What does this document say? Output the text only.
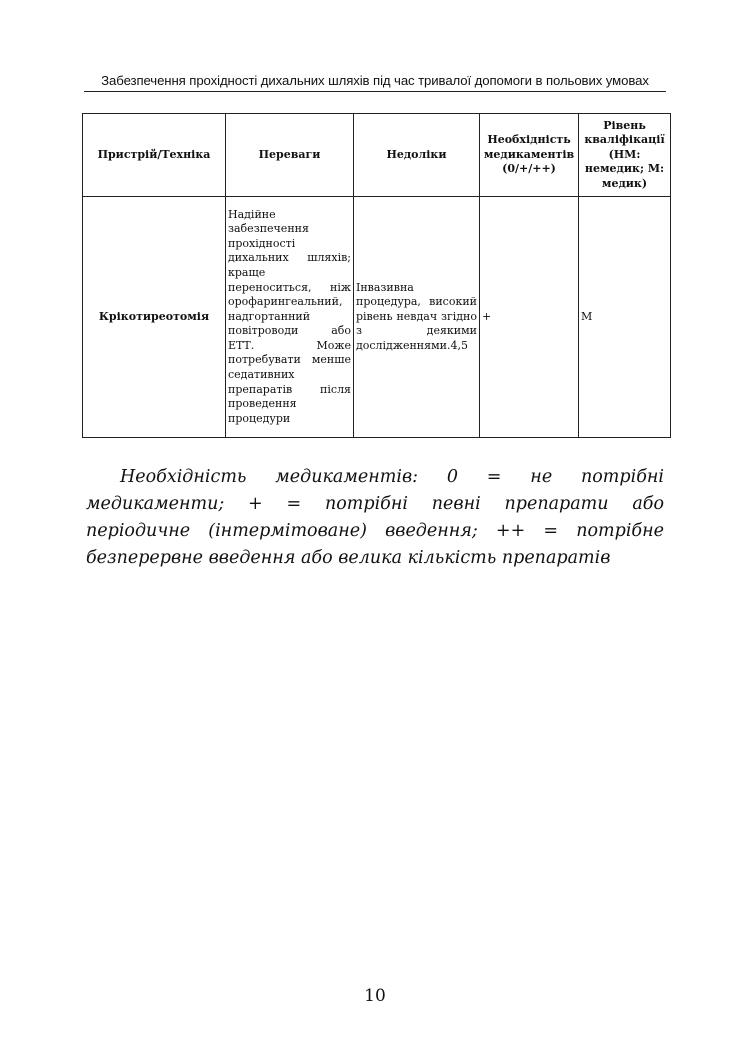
Забезпечення прохідності дихальних шляхів під час тривалої допомоги в польових умовах
Пристрій/Техніка	Переваги	Недоліки	Необхідність медикаментів (0/+/++)	Рівень кваліфікації (НМ: немедик; М: медик)
Крікотиреотомія	Надійне забезпечення прохідності дихальних шляхів; краще переноситься, ніж орофарингеальний, надгортанний повітроводи або ЕТТ. Може потребувати менше седативних препаратів після проведення процедури	Інвазивна процедура, високий рівень невдач згідно з деякими дослідженнями.4,5	+	М

Необхідність медикаментів: 0 = не потрібні медикаменти; + = потрібні певні препарати або періодичне (інтермітоване) введення; ++ = потрібне безперервне введення або велика кількість препаратів

10
